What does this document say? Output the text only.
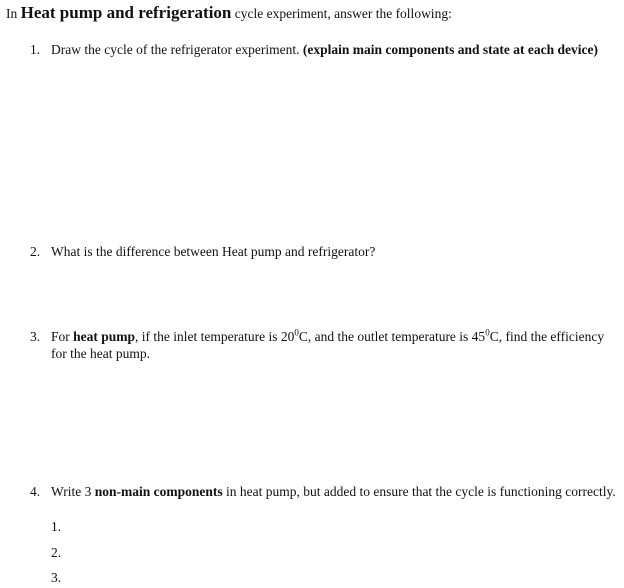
In Heat pump and refrigeration cycle experiment, answer the following:
1. Draw the cycle of the refrigerator experiment. (explain main components and state at each device)
2. What is the difference between Heat pump and refrigerator?
3. For heat pump, if the inlet temperature is $20^0C$, and the outlet temperature is $45^0C$, find the efficiency for the heat pump.
4. Write 3 non-main components in heat pump, but added to ensure that the cycle is functioning correctly.
1.
2.
3.
